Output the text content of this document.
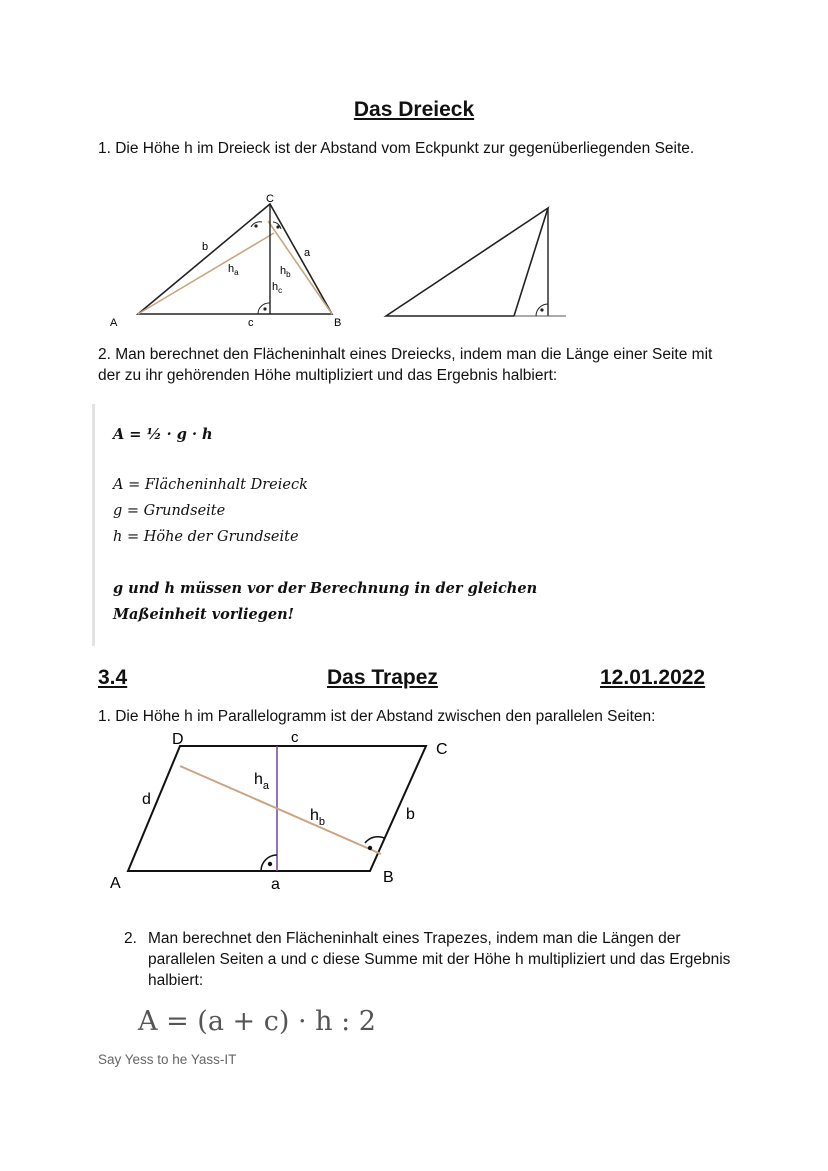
Das Dreieck
1. Die Höhe h im Dreieck ist der Abstand vom Eckpunkt zur gegenüberliegenden Seite.
A	B
C
a
b
c
$h_a$	$h_b$
$h_c$
2. Man berechnet den Flächeninhalt eines Dreiecks, indem man die Länge einer Seite mit der zu ihr gehörenden Höhe multipliziert und das Ergebnis halbiert:
A = ½ · g · h
A = Flächeninhalt Dreieck
g = Grundseite
h = Höhe der Grundseite
g und h müssen vor der Berechnung in der gleichen
Maßeinheit vorliegen!
3.4	Das Trapez	12.01.2022
1. Die Höhe h im Parallelogramm ist der Abstand zwischen den parallelen Seiten:
A	B
C
D
a
b
c
d
$h_a$
$h_b$
2. Man berechnet den Flächeninhalt eines Trapezes, indem man die Längen der parallelen Seiten a und c diese Summe mit der Höhe h multipliziert und das Ergebnis halbiert:
A = (a + c) · h : 2
Say Yess to he Yass-IT
